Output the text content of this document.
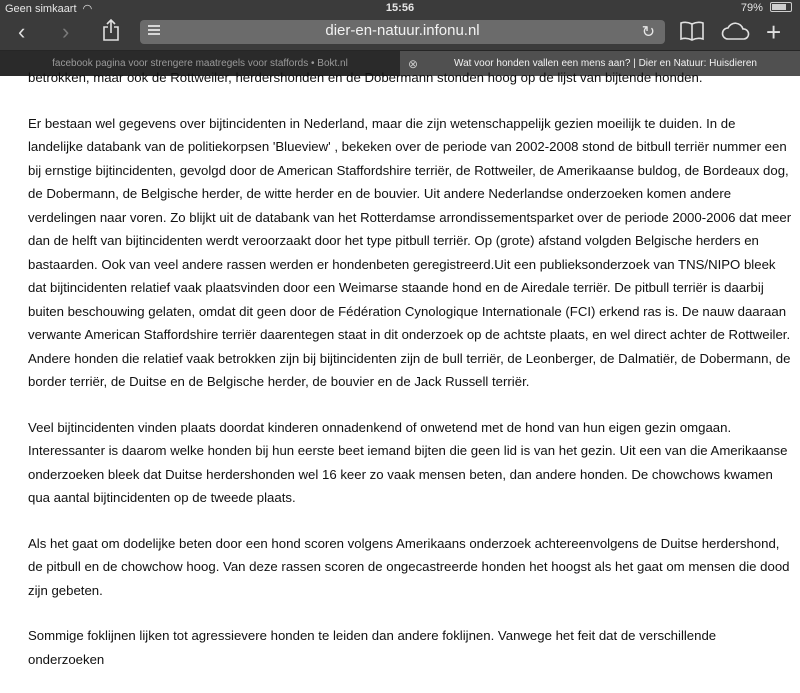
Geen simkaart ◠	15:56	79%
‹ ›	dier-en-natuur.infonu.nl	↻	+
facebook pagina voor strengere maatregels voor staffords • Bokt.nl	⊗	Wat voor honden vallen een mens aan? | Dier en Natuur: Huisdieren

betrokken, maar ook de Rottweiler, herdershonden en de Dobermann stonden hoog op de lijst van bijtende honden.

Er bestaan wel gegevens over bijtincidenten in Nederland, maar die zijn wetenschappelijk gezien moeilijk te duiden. In de landelijke databank van de politiekorpsen 'Blueview' , bekeken over de periode van 2002-2008 stond de bitbull terriër nummer een bij ernstige bijtincidenten, gevolgd door de American Staffordshire terriër, de Rottweiler, de Amerikaanse buldog, de Bordeaux dog, de Dobermann, de Belgische herder, de witte herder en de bouvier. Uit andere Nederlandse onderzoeken komen andere verdelingen naar voren. Zo blijkt uit de databank van het Rotterdamse arrondissementsparket over de periode 2000-2006 dat meer dan de helft van bijtincidenten werdt veroorzaakt door het type pitbull terriër. Op (grote) afstand volgden Belgische herders en bastaarden. Ook van veel andere rassen werden er hondenbeten geregistreerd.Uit een publieksonderzoek van TNS/NIPO bleek dat bijtincidenten relatief vaak plaatsvinden door een Weimarse staande hond en de Airedale terriër. De pitbull terriër is daarbij buiten beschouwing gelaten, omdat dit geen door de Fédération Cynologique Internationale (FCI) erkend ras is. De nauw daaraan verwante American Staffordshire terriër daarentegen staat in dit onderzoek op de achtste plaats, en wel direct achter de Rottweiler. Andere honden die relatief vaak betrokken zijn bij bijtincidenten zijn de bull terriër, de Leonberger, de Dalmatiër, de Dobermann, de border terriër, de Duitse en de Belgische herder, de bouvier en de Jack Russell terriër.

Veel bijtincidenten vinden plaats doordat kinderen onnadenkend of onwetend met de hond van hun eigen gezin omgaan. Interessanter is daarom welke honden bij hun eerste beet iemand bijten die geen lid is van het gezin. Uit een van die Amerikaanse onderzoeken bleek dat Duitse herdershonden wel 16 keer zo vaak mensen beten, dan andere honden. De chowchows kwamen qua aantal bijtincidenten op de tweede plaats.

Als het gaat om dodelijke beten door een hond scoren volgens Amerikaans onderzoek achtereenvolgens de Duitse herdershond, de pitbull en de chowchow hoog. Van deze rassen scoren de ongecastreerde honden het hoogst als het gaat om mensen die dood zijn gebeten.

Sommige foklijnen lijken tot agressievere honden te leiden dan andere foklijnen. Vanwege het feit dat de verschillende onderzoeken
